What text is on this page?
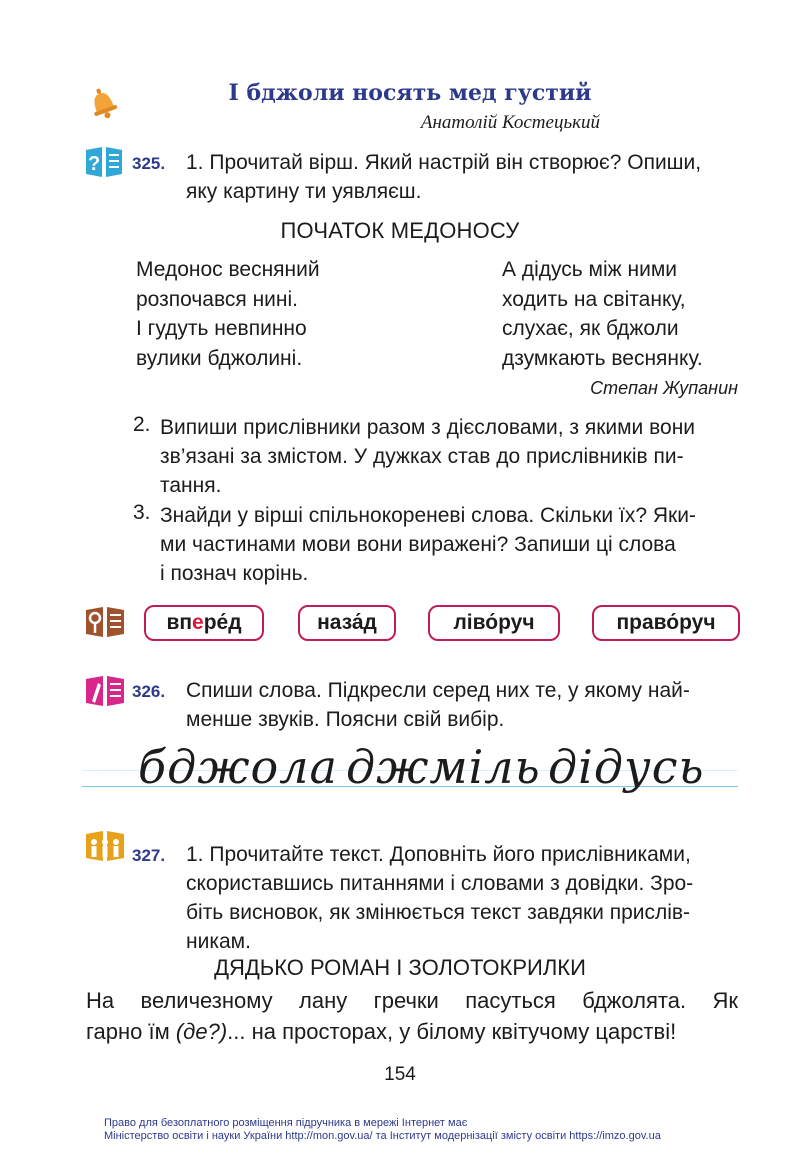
І бджоли носять мед густий
Анатолій Костецький
? 325. 1. Прочитай вірш. Який настрій він створює? Опиши,
яку картину ти уявляєш.
ПОЧАТОК МЕДОНОСУ
Медонос весняний
розпочався нині.
І гудуть невпинно
вулики бджолині.
А дідусь між ними
ходить на світанку,
слухає, як бджоли
дзумкають веснянку.
Степан Жупанин
2. Випиши прислівники разом з дієсловами, з якими вони
зв’язані за змістом. У дужках став до прислівників пи-
тання.
3. Знайди у вірші спільнокореневі слова. Скільки їх? Яки-
ми частинами мови вони виражені? Запиши ці слова
і познач корінь.
вп е ре́д	наза́д	ліво́руч	право́руч
326. Спиши слова. Підкресли серед них те, у якому най-
менше звуків. Поясни свій вибір.
бджола джміль дідусь
327. 1. Прочитайте текст. Доповніть його прислівниками,
скориставшись питаннями і словами з довідки. Зро-
біть висновок, як змінюється текст завдяки прислів-
никам.
ДЯДЬКО РОМАН І ЗОЛОТОКРИЛКИ
На величезному лану гречки пасуться бджолята. Як
гарно їм (де?)... на просторах, у білому квітучому царстві!
154
Право для безоплатного розміщення підручника в мережі Інтернет має
Міністерство освіти і науки України http://mon.gov.ua/ та Інститут модернізації змісту освіти https://imzo.gov.ua
